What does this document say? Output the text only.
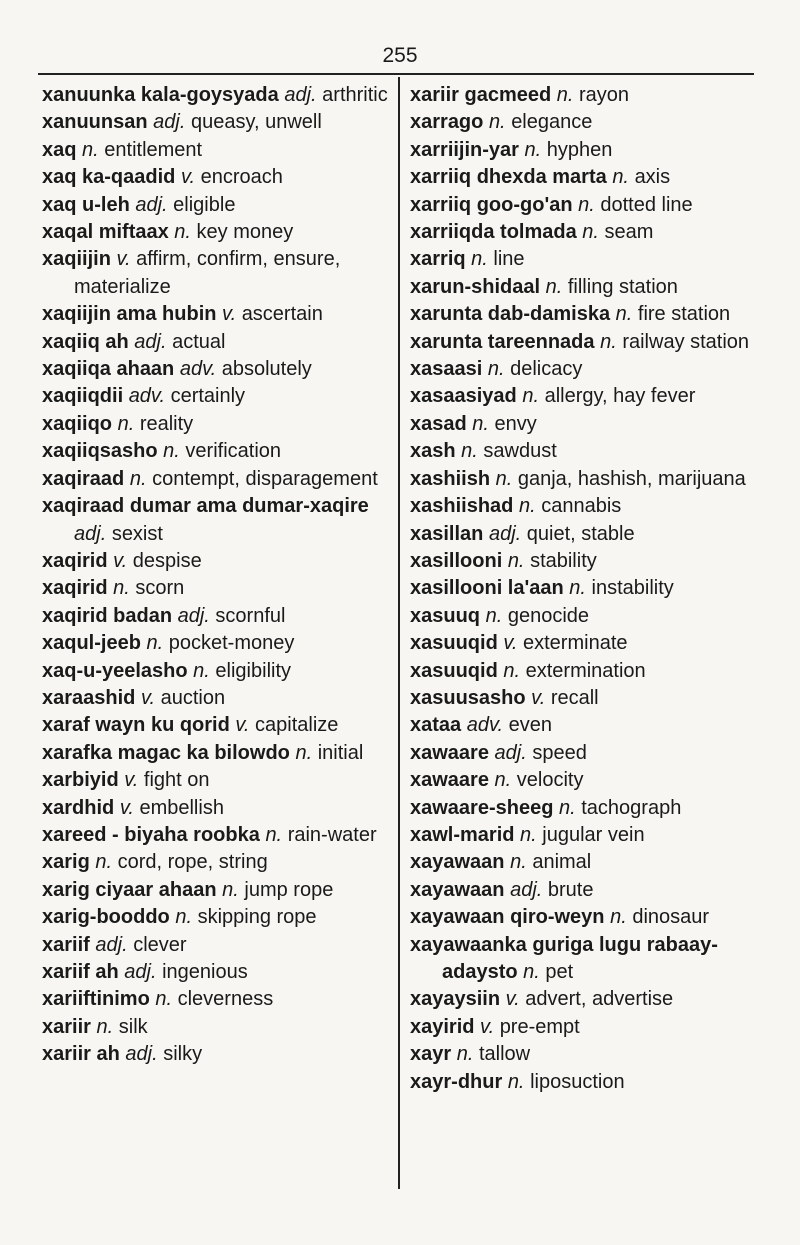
255
xanuunka kala-goysyada adj. arthritic
xanuunsan adj. queasy, unwell
xaq n. entitlement
xaq ka-qaadid v. encroach
xaq u-leh adj. eligible
xaqal miftaax n. key money
xaqiijin v. affirm, confirm, ensure, materialize
xaqiijin ama hubin v. ascertain
xaqiiq ah adj. actual
xaqiiqa ahaan adv. absolutely
xaqiiqdii adv. certainly
xaqiiqo n. reality
xaqiiqsasho n. verification
xaqiraad n. contempt, disparagement
xaqiraad dumar ama dumar-xaqire adj. sexist
xaqirid v. despise
xaqirid n. scorn
xaqirid badan adj. scornful
xaqul-jeeb n. pocket-money
xaq-u-yeelasho n. eligibility
xaraashid v. auction
xaraf wayn ku qorid v. capitalize
xarafka magac ka bilowdo n. initial
xarbiyid v. fight on
xardhid v. embellish
xareed - biyaha roobka n. rain-water
xarig n. cord, rope, string
xarig ciyaar ahaan n. jump rope
xarig-booddo n. skipping rope
xariif adj. clever
xariif ah adj. ingenious
xariiftinimo n. cleverness
xariir n. silk
xariir ah adj. silky
xariir gacmeed n. rayon
xarrago n. elegance
xarriijin-yar n. hyphen
xarriiq dhexda marta n. axis
xarriiq goo-go'an n. dotted line
xarriiqda tolmada n. seam
xarriq n. line
xarun-shidaal n. filling station
xarunta dab-damiska n. fire station
xarunta tareennada n. railway station
xasaasi n. delicacy
xasaasiyad n. allergy, hay fever
xasad n. envy
xash n. sawdust
xashiish n. ganja, hashish, marijuana
xashiishad n. cannabis
xasillan adj. quiet, stable
xasillooni n. stability
xasillooni la'aan n. instability
xasuuq n. genocide
xasuuqid v. exterminate
xasuuqid n. extermination
xasuusasho v. recall
xataa adv. even
xawaare adj. speed
xawaare n. velocity
xawaare-sheeg n. tachograph
xawl-marid n. jugular vein
xayawaan n. animal
xayawaan adj. brute
xayawaan qiro-weyn n. dinosaur
xayawaanka guriga lugu rabaay-adaysto n. pet
xayaysiin v. advert, advertise
xayirid v. pre-empt
xayr n. tallow
xayr-dhur n. liposuction
